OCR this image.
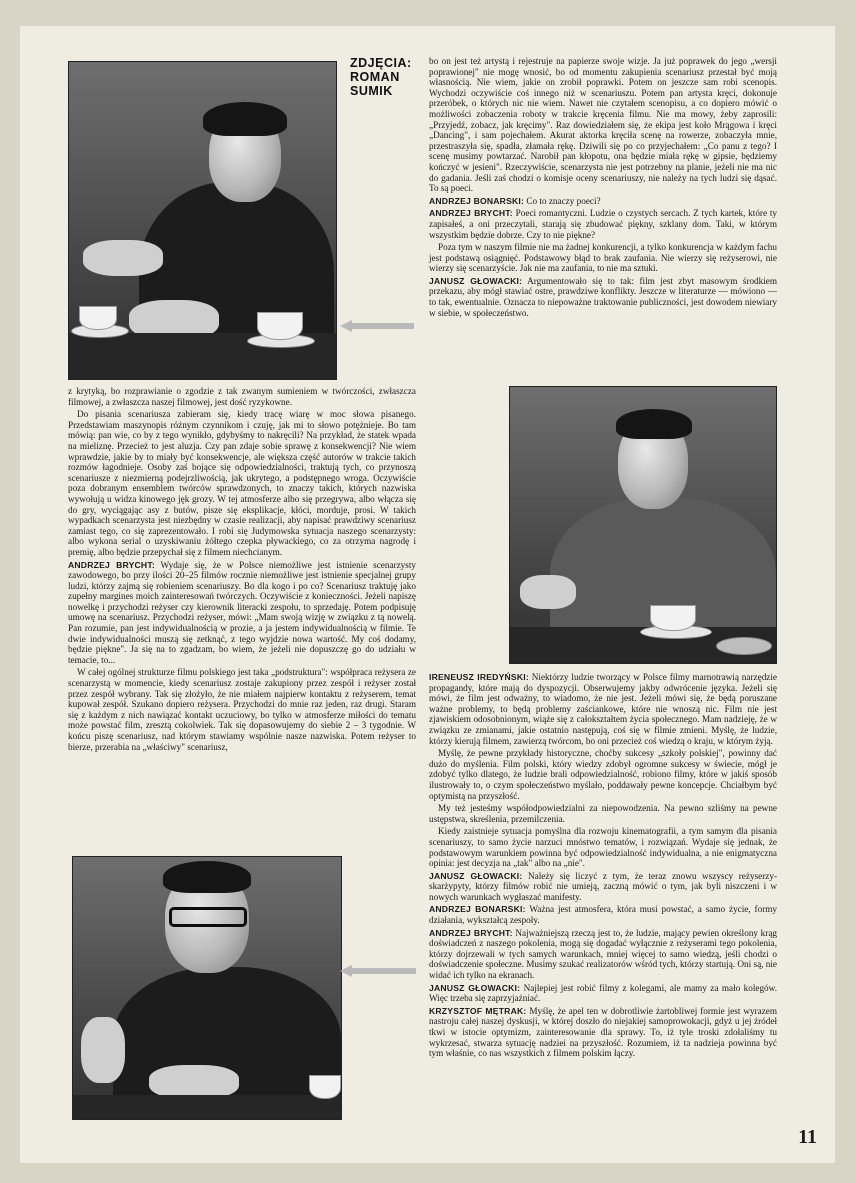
ZDJĘCIA:
ROMAN
SUMIK

z krytyką, bo rozprawianie o zgodzie z tak zwanym sumieniem w twórczości, zwłaszcza filmowej, a zwłaszcza naszej filmowej, jest dość ryzykowne.

Do pisania scenariusza zabieram się, kiedy tracę wiarę w moc słowa pisanego. Przedstawiam maszynopis różnym czynnikom i czuję, jak mi to słowo potężnieje. Bo tam mówią: pan wie, co by z tego wynikło, gdybyśmy to nakręcili? Na przykład, że statek wpada na mieliznę. Przecież to jest aluzja. Czy pan zdaje sobie sprawę z konsekwencji? Nie wiem wprawdzie, jakie by to miały być konsekwencje, ale większa część autorów w trakcie takich rozmów łagodnieje. Osoby zaś bojące się odpowiedzialności, traktują tych, co przynoszą scenariusze z niezmierną podejrzliwością, jak ukrytego, a podstępnego wroga. Oczywiście poza dobranym ensemblem twórców sprawdzonych, to znaczy takich, których nazwiska wywołują u widza kinowego jęk grozy. W tej atmosferze albo się przegrywa, albo włącza się do gry, wyciągając asy z butów, pisze się eksplikacje, kłóci, morduje, prosi. W takich wypadkach scenarzysta jest niezbędny w czasie realizacji, aby napisać prawdziwy scenariusz zamiast tego, co się zaprezentowało. I robi się Judymowska sytuacja naszego scenarzysty: albo wykona serial o uzyskiwaniu żółtego czepka pływackiego, co za otrzyma nagrodę i premię, albo będzie przepychał się z filmem niechcianym.

ANDRZEJ BRYCHT: Wydaje się, że w Polsce niemożliwe jest istnienie scenarzysty zawodowego, bo przy ilości 20–25 filmów rocznie niemożliwe jest istnienie specjalnej grupy ludzi, którzy zajmą się robieniem scenariuszy. Bo dla kogo i po co? Scenariusz traktuję jako zupełny margines moich zainteresowań twórczych. Oczywiście z konieczności. Jeżeli napiszę nowelkę i przychodzi reżyser czy kierownik literacki zespołu, to sprzedaję. Potem podpisuję umowę na scenariusz. Przychodzi reżyser, mówi: „Mam swoją wizję w związku z tą nowelą. Pan rozumie, pan jest indywidualnością w prozie, a ja jestem indywidualnością w filmie. Te dwie indywidualności muszą się zetknąć, z tego wyjdzie nowa wartość. My coś dodamy, będzie piękne". Ja się na to zgadzam, bo wiem, że jeżeli nie dopuszczę go do udziału w temacie, to...

W całej ogólnej strukturze filmu polskiego jest taka „podstruktura": współpraca reżysera ze scenarzystą w momencie, kiedy scenariusz zostaje zakupiony przez zespół i reżyser został przez zespół wybrany. Tak się złożyło, że nie miałem najpierw kontaktu z reżyserem, temat kupował zespół. Szukano dopiero reżysera. Przychodzi do mnie raz jeden, raz drugi. Staram się z każdym z nich nawiązać kontakt uczuciowy, bo tylko w atmosferze miłości do tematu może powstać film, zresztą cokolwiek. Tak się dopasowujemy do siebie 2 – 3 tygodnie. W końcu piszę scenariusz, nad którym stawiamy wspólnie nasze nazwiska. Potem reżyser to bierze, przerabia na „właściwy" scenariusz,

bo on jest też artystą i rejestruje na papierze swoje wizje. Ja już poprawek do jego „wersji poprawionej" nie mogę wnosić, bo od momentu zakupienia scenariusz przestał być moją własnością. Nie wiem, jakie on zrobił poprawki. Potem on jeszcze sam robi scenopis. Wychodzi oczywiście coś innego niż w scenariuszu. Potem pan artysta kręci, dokonuje przeróbek, o których nic nie wiem. Nawet nie czytałem scenopisu, a co dopiero mówić o możliwości zobaczenia roboty w trakcie kręcenia filmu. Nie ma mowy, żeby zaprosili: „Przyjedź, zobacz, jak kręcimy". Raz dowiedziałem się, że ekipa jest koło Mrągowa i kręci „Dancing", i sam pojechałem. Akurat aktorka kręciła scenę na rowerze, zobaczyła mnie, przestraszyła się, spadła, złamała rękę. Dziwili się po co przyjechałem: „Co panu z tego? I scenę musimy powtarzać. Narobił pan kłopotu, ona będzie miała rękę w gipsie, będziemy kończyć w jesieni". Rzeczywiście, scenarzysta nie jest potrzebny na planie, jeżeli nie ma nic do gadania. Jeśli zaś chodzi o komisje oceny scenariuszy, nie należy na tych ludzi się dąsać. To są poeci.

ANDRZEJ BONARSKI: Co to znaczy poeci?

ANDRZEJ BRYCHT: Poeci romantyczni. Ludzie o czystych sercach. Z tych kartek, które ty zapisałeś, a oni przeczytali, starają się zbudować piękny, szklany dom. Taki, w którym wszystkim będzie dobrze. Czy to nie piękne?

Poza tym w naszym filmie nie ma żadnej konkurencji, a tylko konkurencja w każdym fachu jest podstawą osiągnięć. Podstawowy błąd to brak zaufania. Nie wierzy się reżyserowi, nie wierzy się scenarzyście. Jak nie ma zaufania, to nie ma sztuki.

JANUSZ GŁOWACKI: Argumentowało się to tak: film jest zbyt masowym środkiem przekazu, aby mógł stawiać ostre, prawdziwe konflikty. Jeszcze w literaturze — mówiono — to tak, ewentualnie. Oznacza to niepoważne traktowanie publiczności, jest dowodem niewiary w siebie, w społeczeństwo.

IRENEUSZ IREDYŃSKI: Niektórzy ludzie tworzący w Polsce filmy marnotrawią narzędzie propagandy, które mają do dyspozycji. Obserwujemy jakby odwrócenie języka. Jeżeli się mówi, że film jest odważny, to wiadomo, że nie jest. Jeżeli mówi się, że będą poruszane ważne problemy, to będą problemy zaściankowe, które nie wnoszą nic. Film nie jest zjawiskiem odosobnionym, wiąże się z całokształtem życia społecznego. Mam nadzieję, że w związku ze zmianami, jakie ostatnio następują, coś się w filmie zmieni. Myślę, że ludzie, którzy kierują filmem, zawierzą twórcom, bo oni przecież coś wiedzą o kraju, w którym żyją.

Myślę, że pewne przykłady historyczne, choćby sukcesy „szkoły polskiej", powinny dać dużo do myślenia. Film polski, który wiedzy zdobył ogromne sukcesy w świecie, mógł je zdobyć tylko dlatego, że ludzie brali odpowiedzialność, robiono filmy, które w jakiś sposób ilustrowały to, o czym społeczeństwo myślało, poddawały pewne koncepcje. Chciałbym być optymistą na przyszłość.

My też jesteśmy współodpowiedzialni za niepowodzenia. Na pewno szliśmy na pewne ustępstwa, skreślenia, przemilczenia.

Kiedy zaistnieje sytuacja pomyślna dla rozwoju kinematografii, a tym samym dla pisania scenariuszy, to samo życie narzuci mnóstwo tematów, i rozwiązań. Wydaje się jednak, że podstawowym warunkiem powinna być odpowiedzialność indywidualna, a nie enigmatyczna opinia: jest decyzja na „tak" albo na „nie".

JANUSZ GŁOWACKI: Należy się liczyć z tym, że teraz znowu wszyscy reżyserzy-skarżypyty, którzy filmów robić nie umieją, zaczną mówić o tym, jak byli niszczeni i w nowych warunkach wygłaszać manifesty.

ANDRZEJ BONARSKI: Ważna jest atmosfera, która musi powstać, a samo życie, formy działania, wykształcą zespoły.

ANDRZEJ BRYCHT: Najważniejszą rzeczą jest to, że ludzie, mający pewien określony krąg doświadczeń z naszego pokolenia, mogą się dogadać wyłącznie z reżyserami tego pokolenia, którzy dojrzewali w tych samych warunkach, mniej więcej to samo wiedzą, jeśli chodzi o doświadczenie społeczne. Musimy szukać realizatorów wśród tych, którzy startują. Oni są, nie widać ich tylko na ekranach.

JANUSZ GŁOWACKI: Najlepiej jest robić filmy z kolegami, ale mamy za mało kolegów. Więc trzeba się zaprzyjaźniać.

KRZYSZTOF MĘTRAK: Myślę, że apel ten w dobrotliwie żartobliwej formie jest wyrazem nastroju całej naszej dyskusji, w której doszło do niejakiej samoprowokacji, gdyż u jej źródeł tkwi w istocie optymizm, zainteresowanie dla sprawy. To, iż tyle troski zdołaliśmy tu wykrzesać, stwarza sytuację nadziei na przyszłość. Rozumiem, iż ta nadzieja powinna być tym właśnie, co nas wszystkich z filmem polskim łączy.

11
